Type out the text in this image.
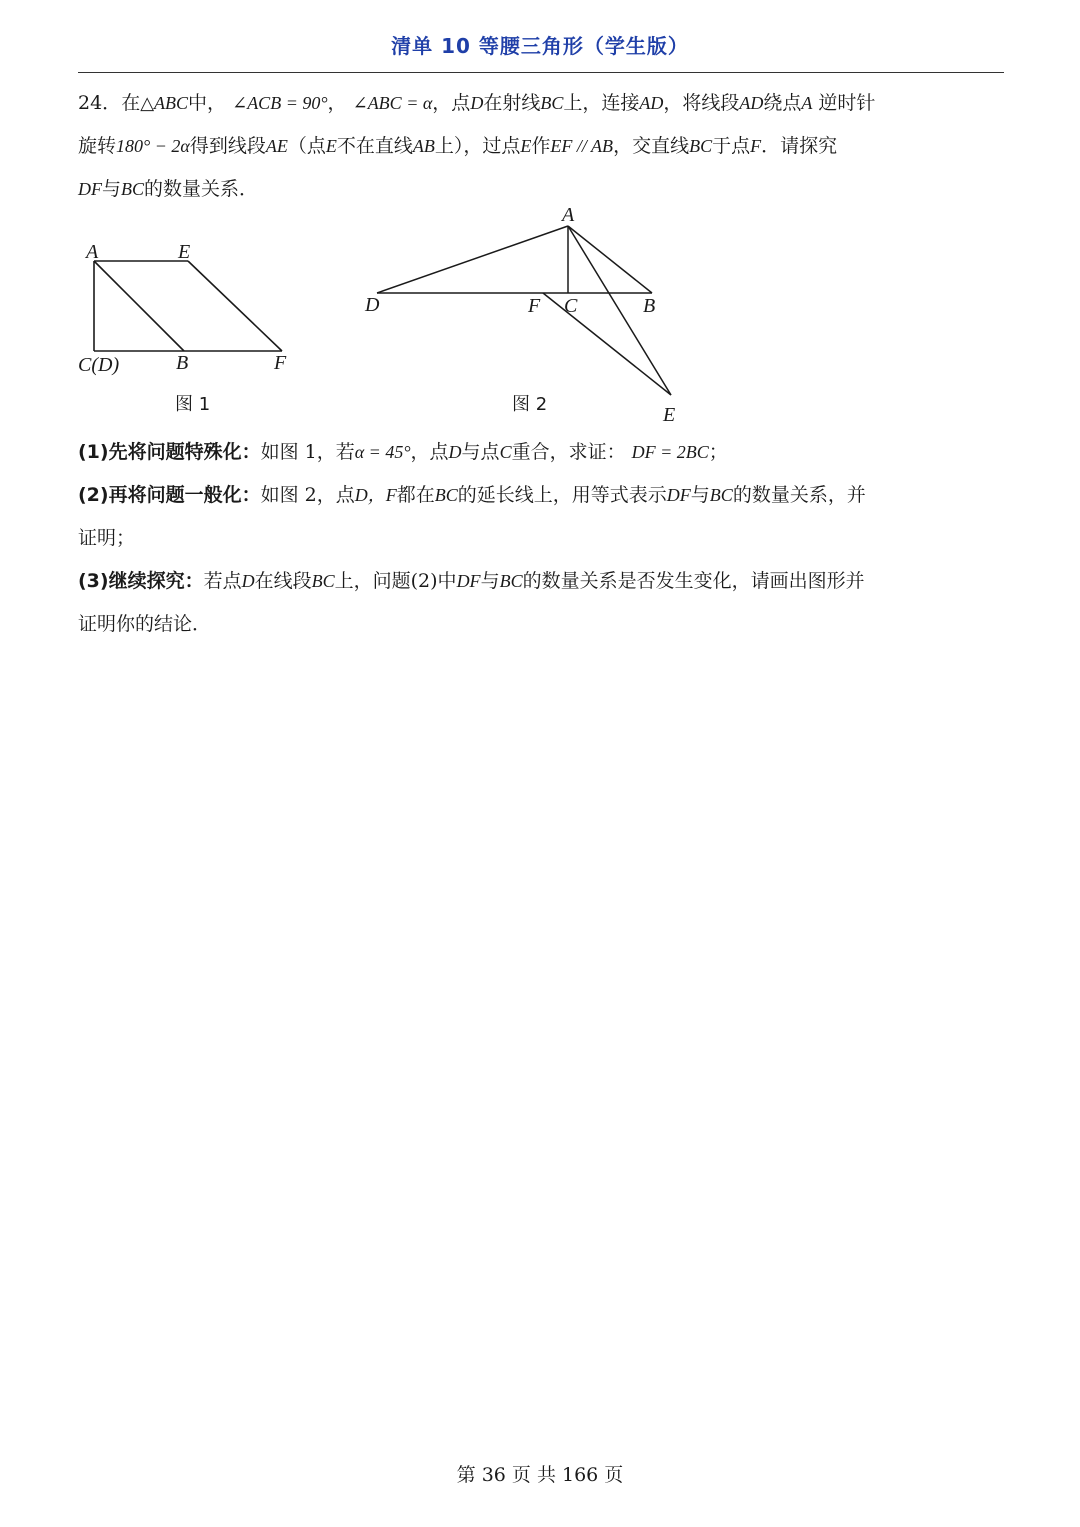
清单 10 等腰三角形（学生版）

24．在△ABC中， ∠ACB = 90°， ∠ABC = α，点D在射线BC上，连接AD，将线段AD绕点A 逆时针

旋转180° − 2α得到线段AE（点E不在直线AB上），过点E作EF // AB，交直线BC于点F．请探究

DF与BC的数量关系．

A	E
C(D)	B	F
图 1
A
D	F C	B
E
图 2

(1)先将问题特殊化：如图 1，若α = 45°，点D与点C重合，求证： DF = 2BC；

(2)再将问题一般化：如图 2，点D，F都在BC的延长线上，用等式表示DF与BC的数量关系，并

证明；

(3)继续探究：若点D在线段BC上，问题(2)中DF与BC的数量关系是否发生变化，请画出图形并

证明你的结论．

第 36 页 共 166 页
